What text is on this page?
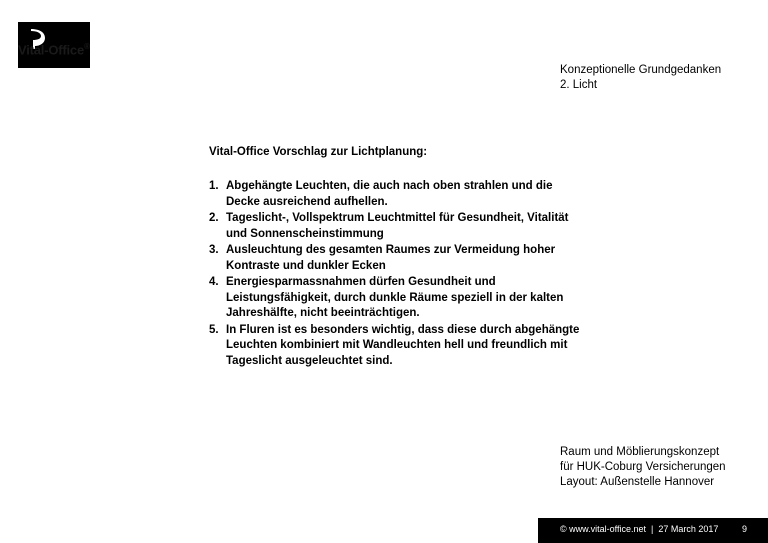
Vital-Office®
Konzeptionelle Grundgedanken
2. Licht
Vital-Office Vorschlag zur Lichtplanung:
1. Abgehängte Leuchten, die auch nach oben strahlen und die Decke ausreichend aufhellen.
2. Tageslicht-, Vollspektrum Leuchtmittel für Gesundheit, Vitalität und Sonnenscheinstimmung
3. Ausleuchtung des gesamten Raumes zur Vermeidung hoher Kontraste und dunkler Ecken
4. Energiesparmassnahmen dürfen Gesundheit und Leistungsfähigkeit, durch dunkle Räume speziell in der kalten Jahreshälfte, nicht beeinträchtigen.
5. In Fluren ist es besonders wichtig, dass diese durch abgehängte Leuchten kombiniert mit Wandleuchten hell und freundlich mit Tageslicht ausgeleuchtet sind.
Raum und Möblierungskonzept
für HUK-Coburg Versicherungen
Layout: Außenstelle Hannover
© www.vital-office.net | 27 March 2017	9
